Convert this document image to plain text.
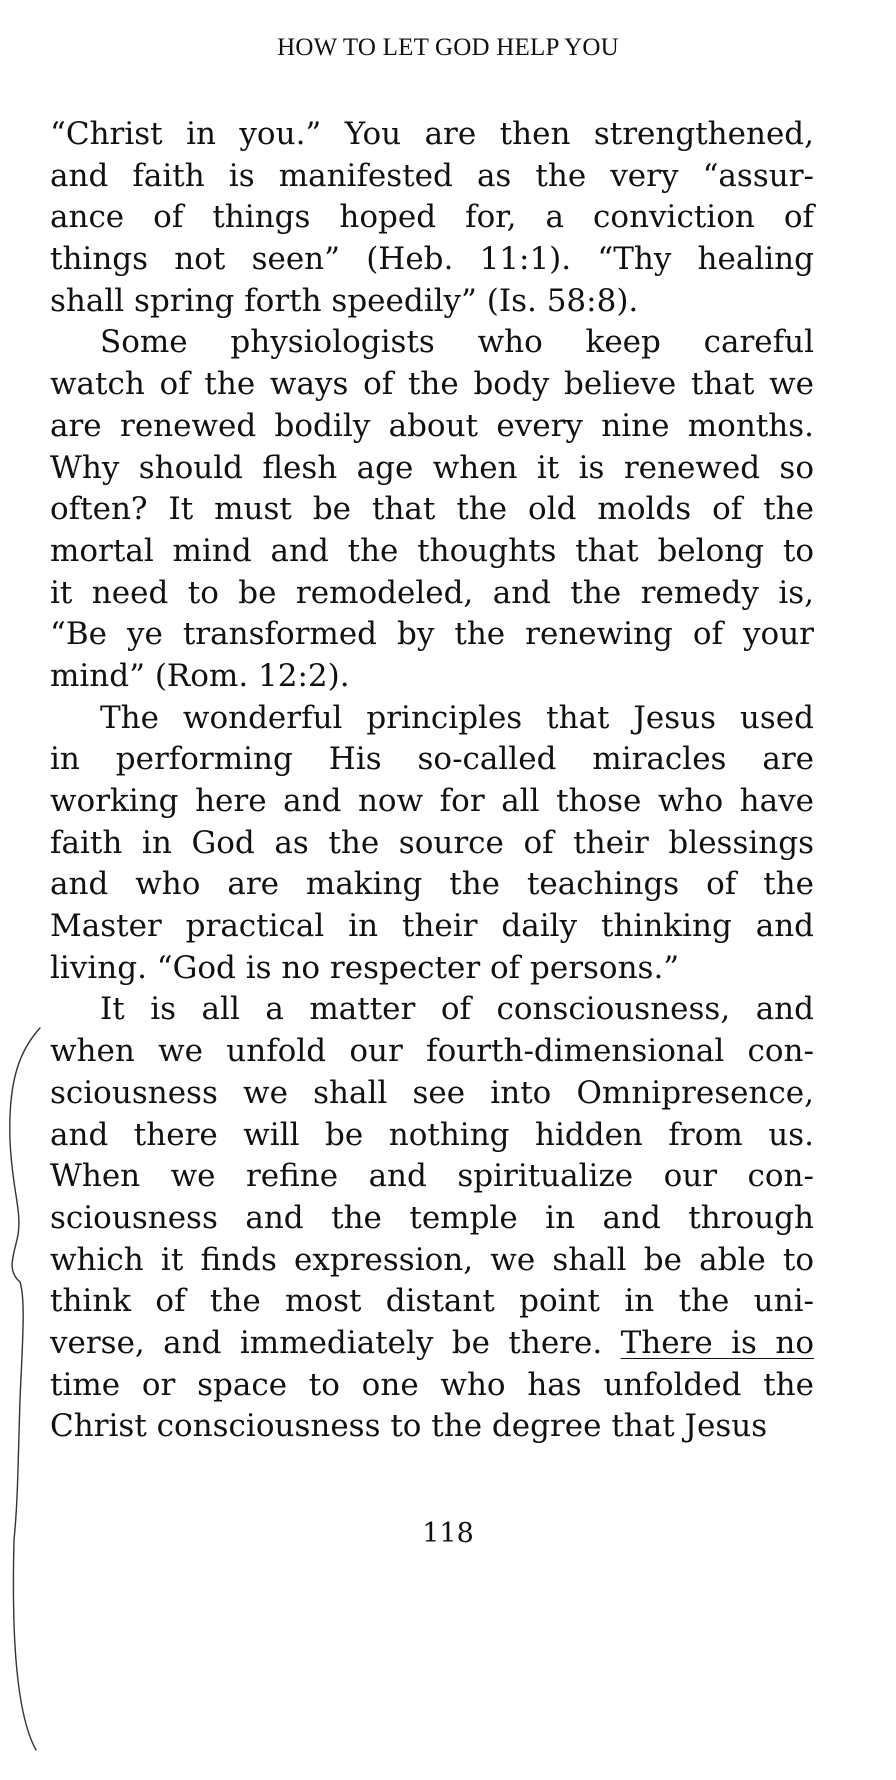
HOW TO LET GOD HELP YOU
“Christ in you.” You are then strengthened,
and faith is manifested as the very “assur-
ance of things hoped for, a conviction of
things not seen” (Heb. 11:1). “Thy healing
shall spring forth speedily” (Is. 58:8).
Some physiologists who keep careful
watch of the ways of the body believe that we
are renewed bodily about every nine months.
Why should flesh age when it is renewed so
often? It must be that the old molds of the
mortal mind and the thoughts that belong to
it need to be remodeled, and the remedy is,
“Be ye transformed by the renewing of your
mind” (Rom. 12:2).
The wonderful principles that Jesus used
in performing His so-called miracles are
working here and now for all those who have
faith in God as the source of their blessings
and who are making the teachings of the
Master practical in their daily thinking and
living. “God is no respecter of persons.”
It is all a matter of consciousness, and
when we unfold our fourth-dimensional con-
sciousness we shall see into Omnipresence,
and there will be nothing hidden from us.
When we refine and spiritualize our con-
sciousness and the temple in and through
which it finds expression, we shall be able to
think of the most distant point in the uni-
verse, and immediately be there. There is no
time or space to one who has unfolded the
Christ consciousness to the degree that Jesus
118
